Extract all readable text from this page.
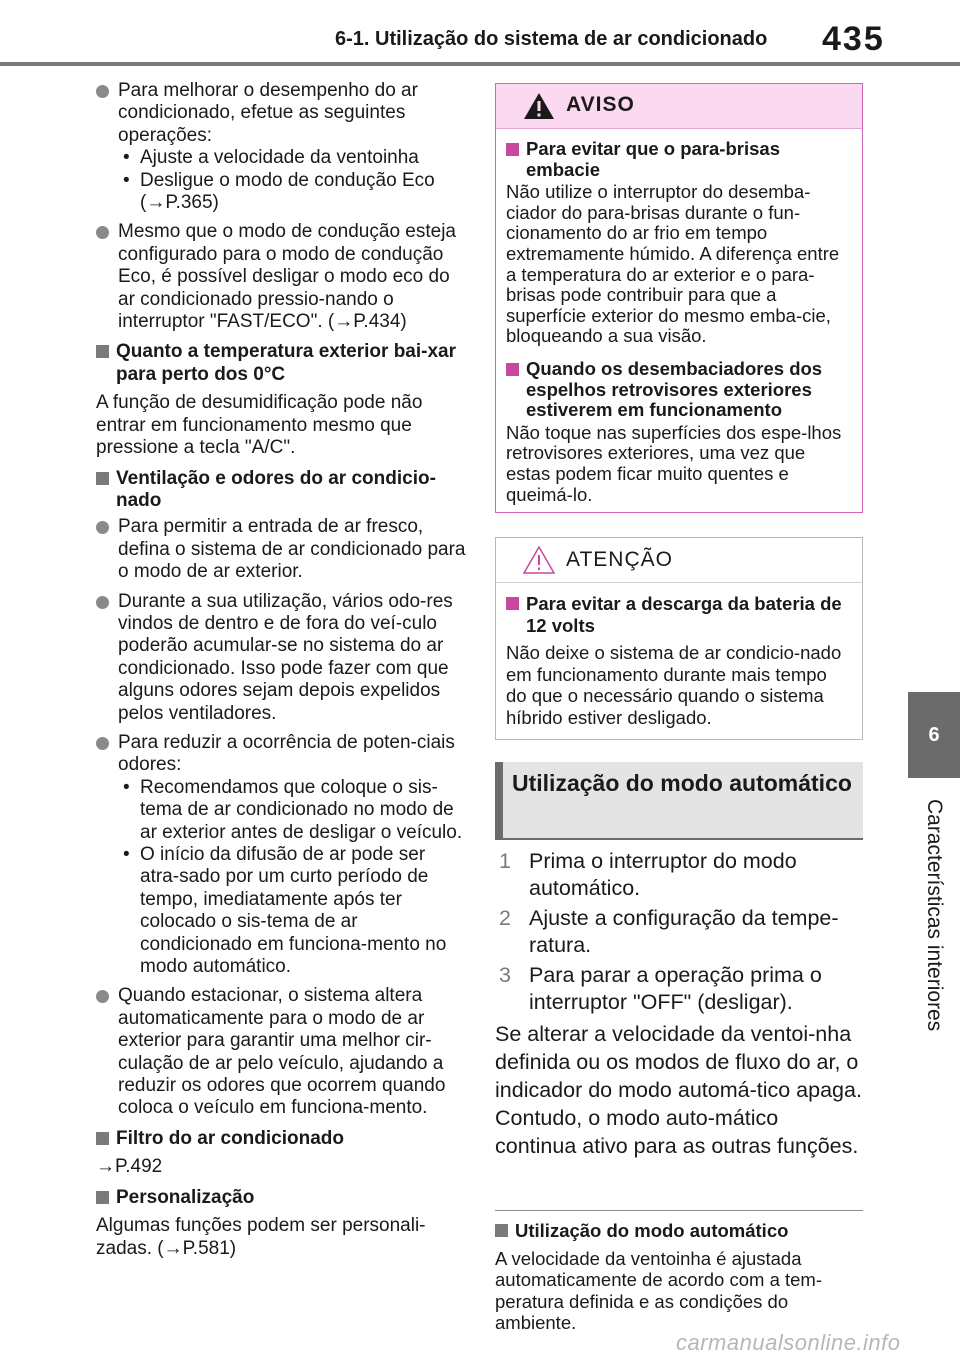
6-1. Utilização do sistema de ar condicionado 435
6
Características interiores
Para melhorar o desempenho do ar condicionado, efetue as seguintes operações:
• Ajuste a velocidade da ventoinha
• Desligue o modo de condução Eco (→P.365)
Mesmo que o modo de condução esteja configurado para o modo de condução Eco, é possível desligar o modo eco do ar condicionado pressio-nando o interruptor "FAST/ECO". (→P.434)
Quanto a temperatura exterior bai-xar para perto dos 0°C
A função de desumidificação pode não entrar em funcionamento mesmo que pressione a tecla "A/C".
Ventilação e odores do ar condicio-nado
Para permitir a entrada de ar fresco, defina o sistema de ar condicionado para o modo de ar exterior.
Durante a sua utilização, vários odo-res vindos de dentro e de fora do veí-culo poderão acumular-se no sistema do ar condicionado. Isso pode fazer com que alguns odores sejam depois expelidos pelos ventiladores.
Para reduzir a ocorrência de poten-ciais odores:
• Recomendamos que coloque o sis-tema de ar condicionado no modo de ar exterior antes de desligar o veículo.
• O início da difusão de ar pode ser atra-sado por um curto período de tempo, imediatamente após ter colocado o sis-tema de ar condicionado em funciona-mento no modo automático.
Quando estacionar, o sistema altera automaticamente para o modo de ar exterior para garantir uma melhor cir-culação de ar pelo veículo, ajudando a reduzir os odores que ocorrem quando coloca o veículo em funciona-mento.
Filtro do ar condicionado
→P.492
Personalização
Algumas funções podem ser personali-zadas. (→P.581)
AVISO
Para evitar que o para-brisas embacie
Não utilize o interruptor do desemba-ciador do para-brisas durante o fun-cionamento do ar frio em tempo extremamente húmido. A diferença entre a temperatura do ar exterior e o para-brisas pode contribuir para que a superfície exterior do mesmo emba-cie, bloqueando a sua visão.
Quando os desembaciadores dos espelhos retrovisores exteriores estiverem em funcionamento
Não toque nas superfícies dos espe-lhos retrovisores exteriores, uma vez que estas podem ficar muito quentes e queimá-lo.
ATENÇÃO
Para evitar a descarga da bateria de 12 volts
Não deixe o sistema de ar condicio-nado em funcionamento durante mais tempo do que o necessário quando o sistema híbrido estiver desligado.
Utilização do modo automático
1 Prima o interruptor do modo automático.
2 Ajuste a configuração da tempe-ratura.
3 Para parar a operação prima o interruptor "OFF" (desligar).
Se alterar a velocidade da ventoi-nha definida ou os modos de fluxo do ar, o indicador do modo automá-tico apaga. Contudo, o modo auto-mático continua ativo para as outras funções.
Utilização do modo automático
A velocidade da ventoinha é ajustada automaticamente de acordo com a tem-peratura definida e as condições do ambiente.
carmanualsonline.info
